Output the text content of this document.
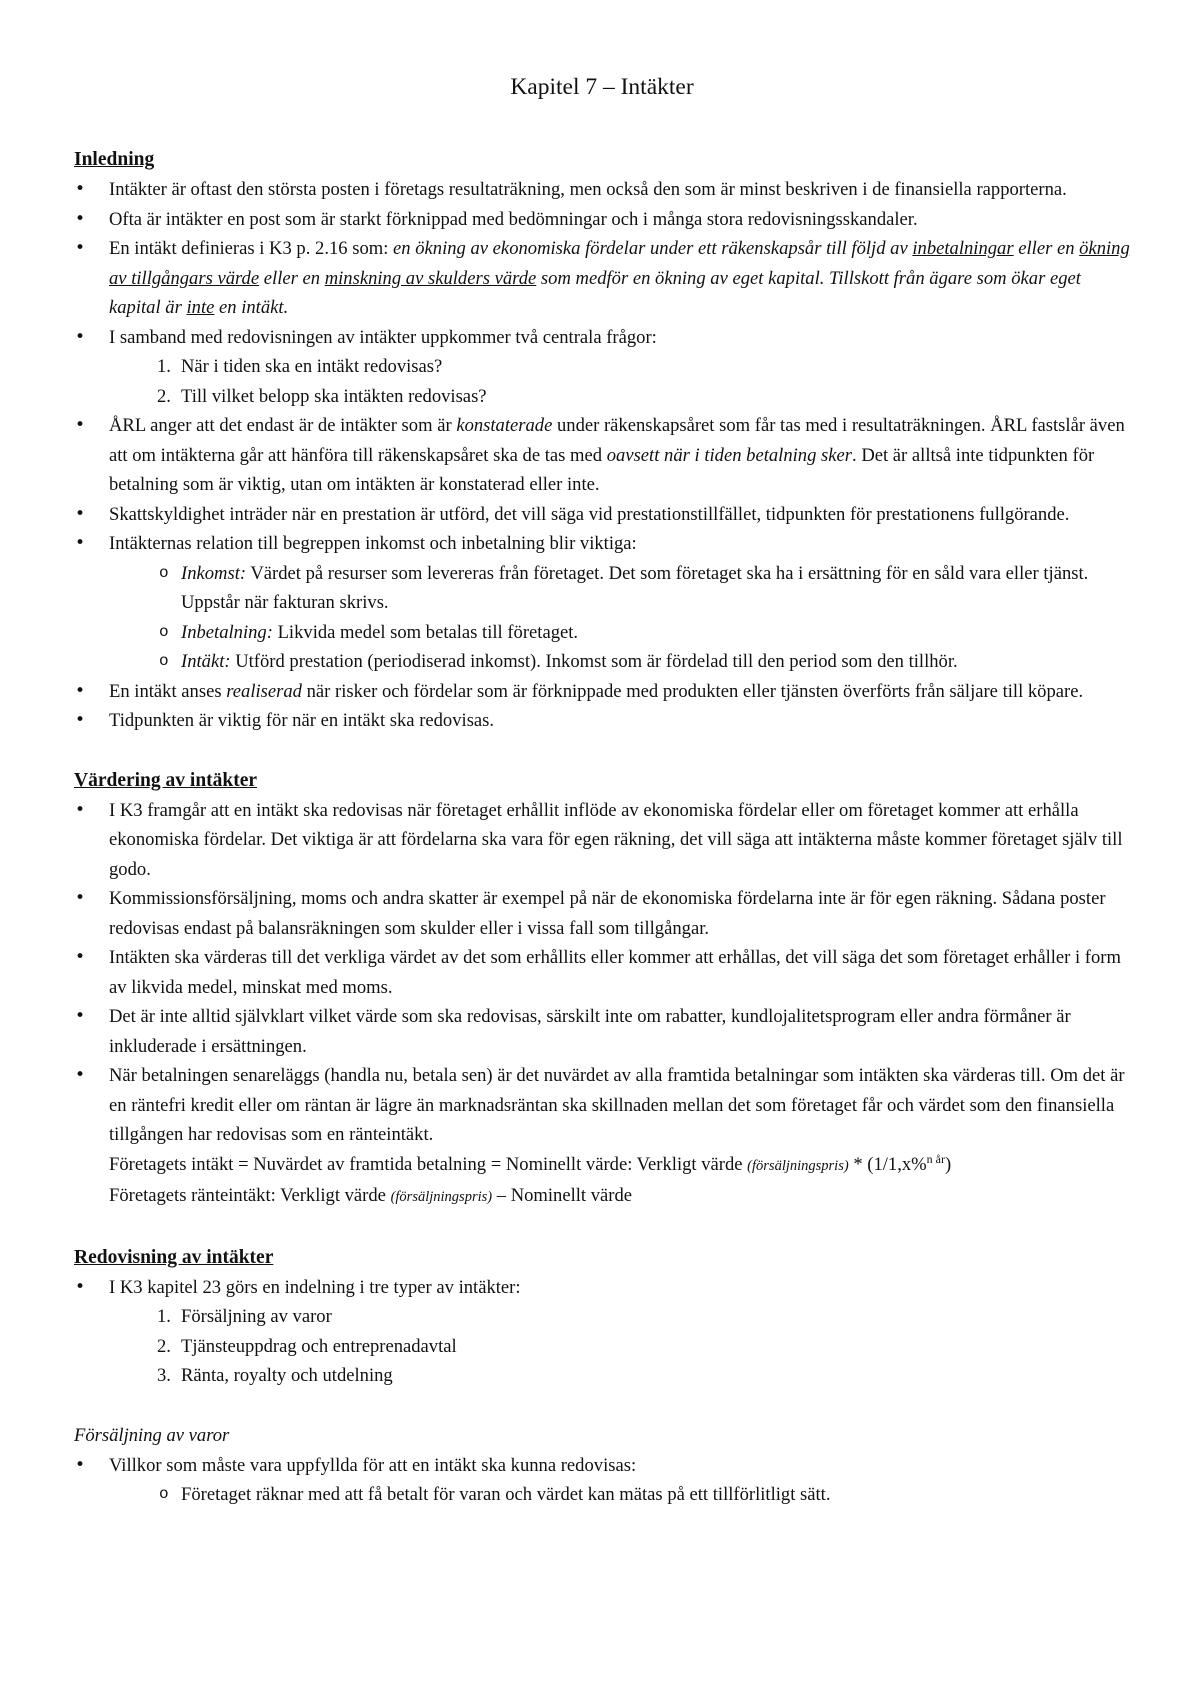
Kapitel 7 – Intäkter
Inledning
• Intäkter är oftast den största posten i företags resultaträkning, men också den som är minst beskriven i de finansiella rapporterna.
• Ofta är intäkter en post som är starkt förknippad med bedömningar och i många stora redovisningsskandaler.
• En intäkt definieras i K3 p. 2.16 som: en ökning av ekonomiska fördelar under ett räkenskapsår till följd av inbetalningar eller en ökning av tillgångars värde eller en minskning av skulders värde som medför en ökning av eget kapital. Tillskott från ägare som ökar eget kapital är inte en intäkt.
• I samband med redovisningen av intäkter uppkommer två centrala frågor:
1. När i tiden ska en intäkt redovisas?
2. Till vilket belopp ska intäkten redovisas?
• ÅRL anger att det endast är de intäkter som är konstaterade under räkenskapsåret som får tas med i resultaträkningen. ÅRL fastslår även att om intäkterna går att hänföra till räkenskapsåret ska de tas med oavsett när i tiden betalning sker. Det är alltså inte tidpunkten för betalning som är viktig, utan om intäkten är konstaterad eller inte.
• Skattskyldighet inträder när en prestation är utförd, det vill säga vid prestationstillfället, tidpunkten för prestationens fullgörande.
• Intäkternas relation till begreppen inkomst och inbetalning blir viktiga:
o Inkomst: Värdet på resurser som levereras från företaget. Det som företaget ska ha i ersättning för en såld vara eller tjänst. Uppstår när fakturan skrivs.
o Inbetalning: Likvida medel som betalas till företaget.
o Intäkt: Utförd prestation (periodiserad inkomst). Inkomst som är fördelad till den period som den tillhör.
• En intäkt anses realiserad när risker och fördelar som är förknippade med produkten eller tjänsten överförts från säljare till köpare.
• Tidpunkten är viktig för när en intäkt ska redovisas.
Värdering av intäkter
• I K3 framgår att en intäkt ska redovisas när företaget erhållit inflöde av ekonomiska fördelar eller om företaget kommer att erhålla ekonomiska fördelar. Det viktiga är att fördelarna ska vara för egen räkning, det vill säga att intäkterna måste kommer företaget själv till godo.
• Kommissionsförsäljning, moms och andra skatter är exempel på när de ekonomiska fördelarna inte är för egen räkning. Sådana poster redovisas endast på balansräkningen som skulder eller i vissa fall som tillgångar.
• Intäkten ska värderas till det verkliga värdet av det som erhållits eller kommer att erhållas, det vill säga det som företaget erhåller i form av likvida medel, minskat med moms.
• Det är inte alltid självklart vilket värde som ska redovisas, särskilt inte om rabatter, kundlojalitetsprogram eller andra förmåner är inkluderade i ersättningen.
• När betalningen senareläggs (handla nu, betala sen) är det nuvärdet av alla framtida betalningar som intäkten ska värderas till. Om det är en räntefri kredit eller om räntan är lägre än marknadsräntan ska skillnaden mellan det som företaget får och värdet som den finansiella tillgången har redovisas som en ränteintäkt.
Företagets intäkt = Nuvärdet av framtida betalning = Nominellt värde: Verkligt värde (försäljningspris) * (1/1,x%$^{n år}$)
Företagets ränteintäkt: Verkligt värde (försäljningspris) – Nominellt värde
Redovisning av intäkter
• I K3 kapitel 23 görs en indelning i tre typer av intäkter:
1. Försäljning av varor
2. Tjänsteuppdrag och entreprenadavtal
3. Ränta, royalty och utdelning

Försäljning av varor

• Villkor som måste vara uppfyllda för att en intäkt ska kunna redovisas:
o Företaget räknar med att få betalt för varan och värdet kan mätas på ett tillförlitligt sätt.
